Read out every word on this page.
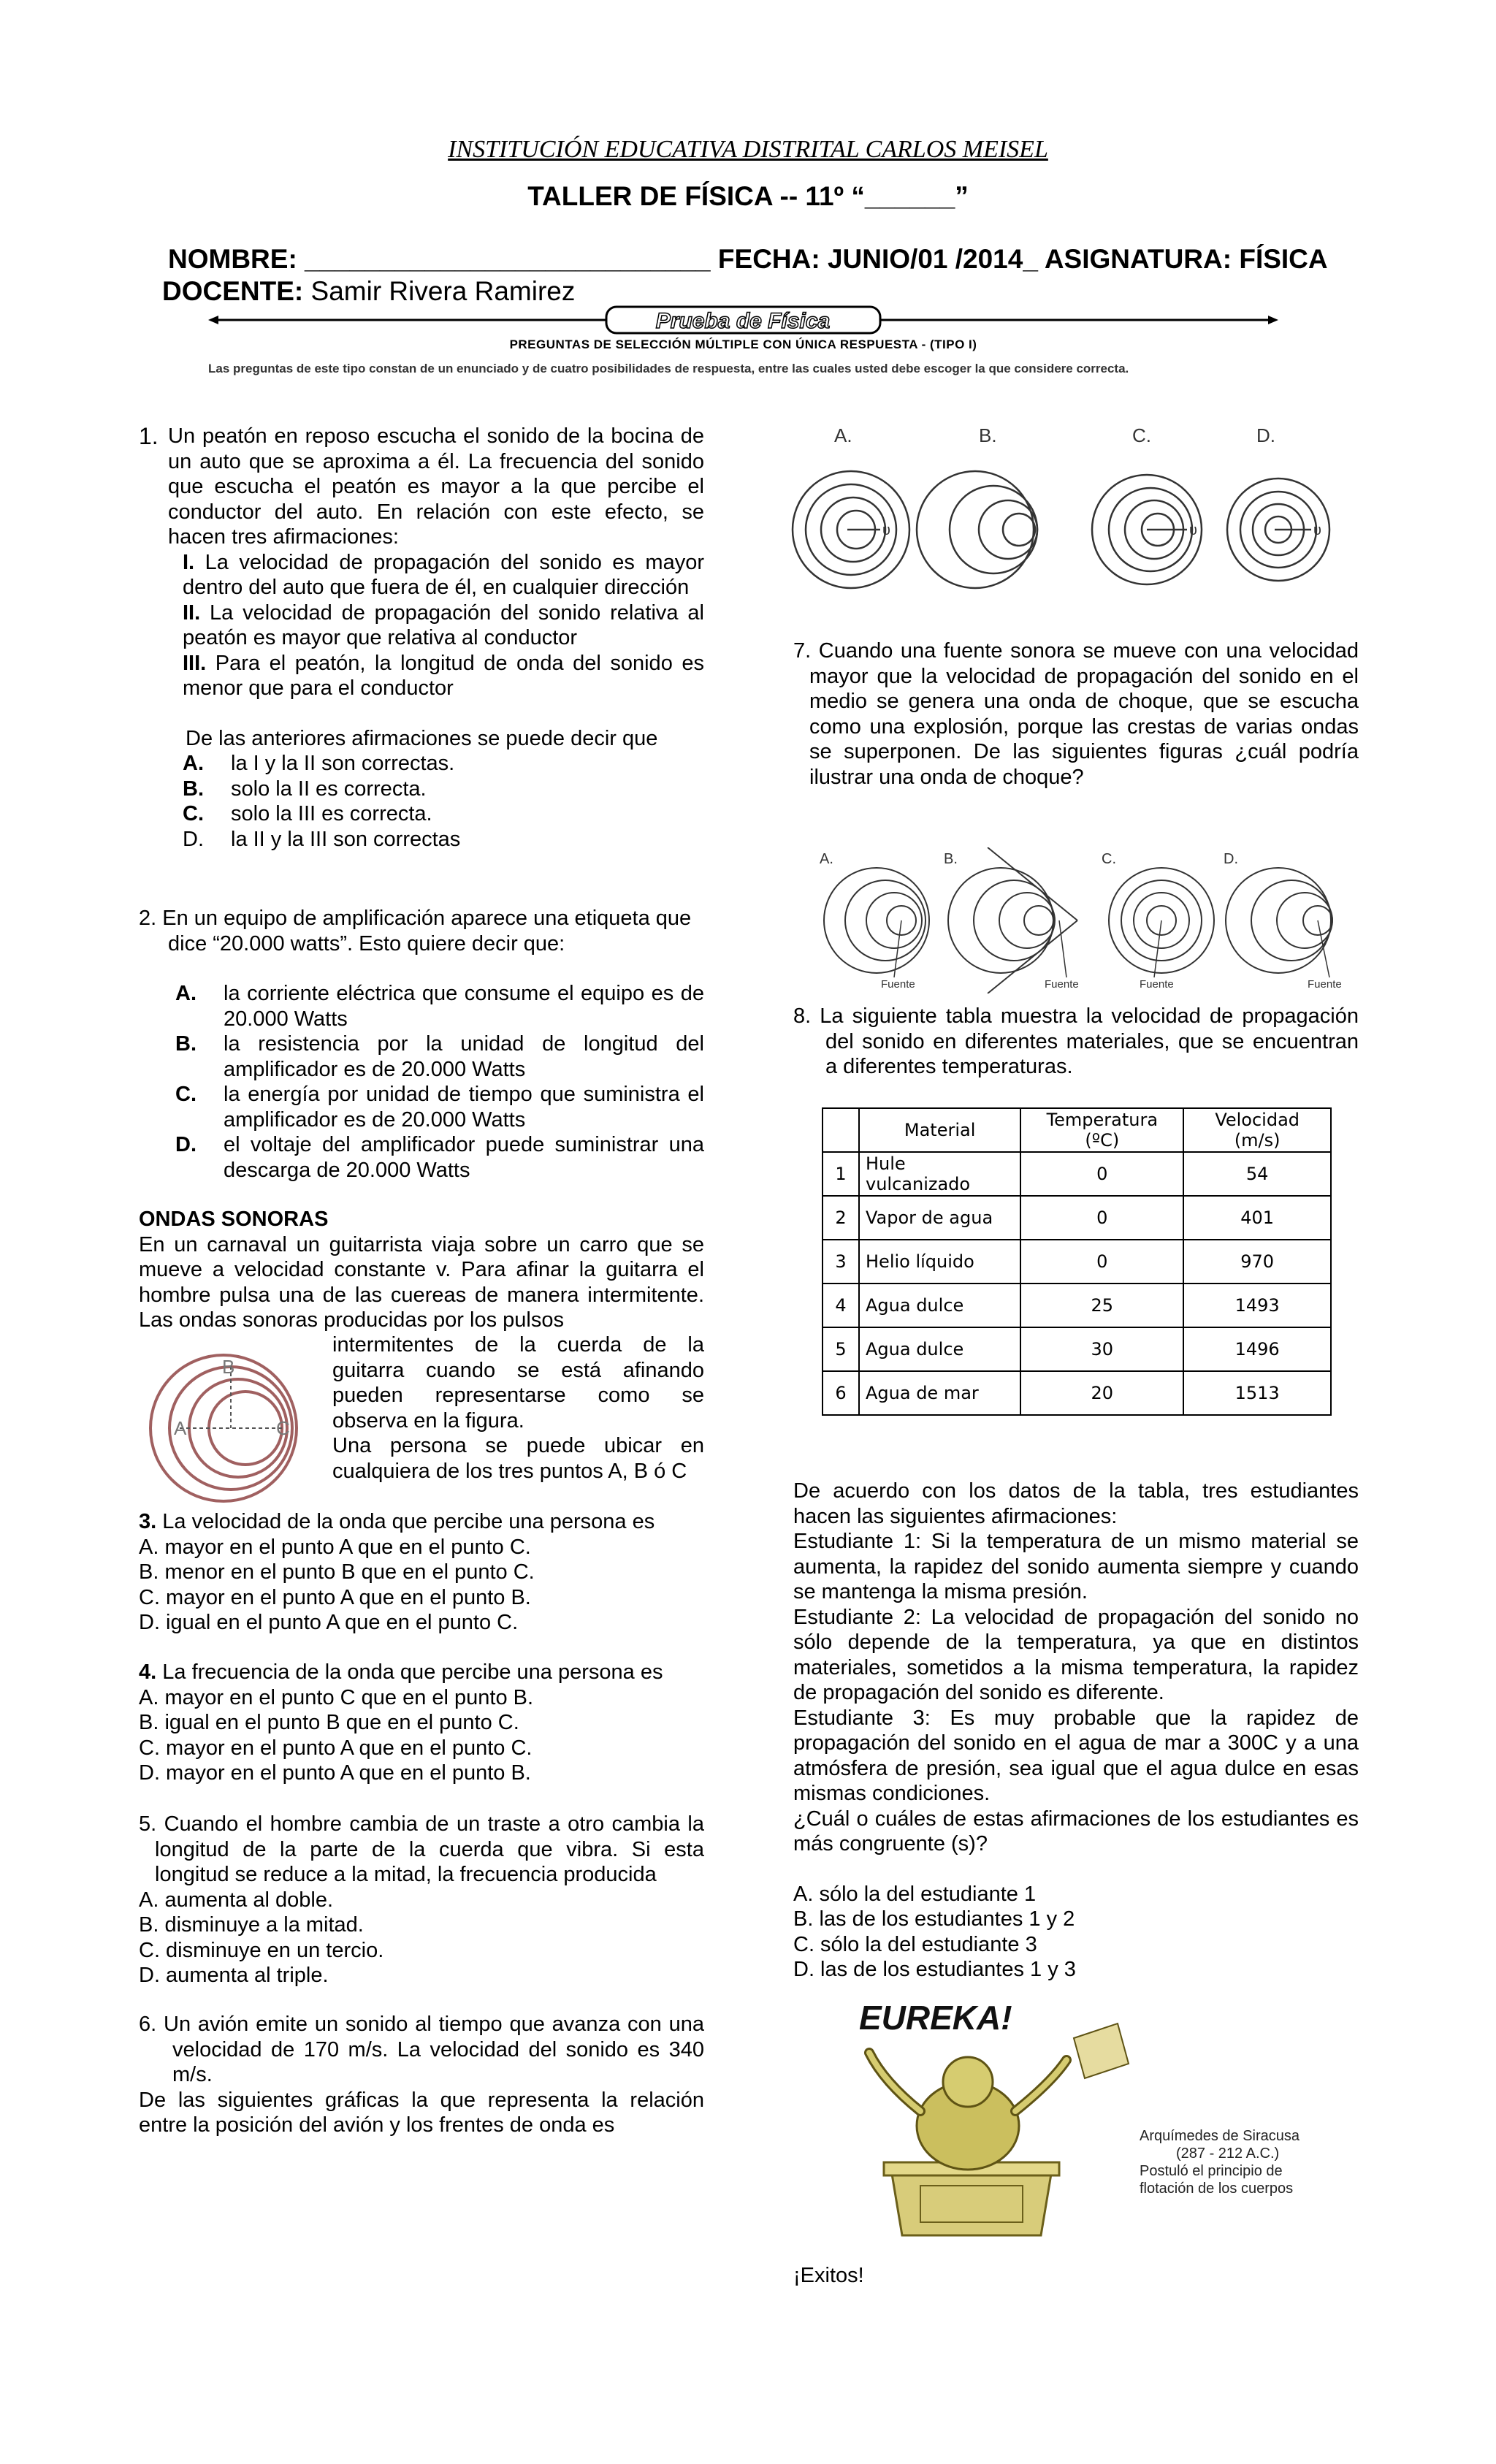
INSTITUCIÓN EDUCATIVA DISTRITAL CARLOS MEISEL
TALLER DE FÍSICA -- 11º “______”
NOMBRE: ___________________________ FECHA: JUNIO/01 /2014_ ASIGNATURA: FÍSICA
DOCENTE: Samir Rivera Ramirez
Prueba de Física
PREGUNTAS DE SELECCIÓN MÚLTIPLE CON ÚNICA RESPUESTA - (TIPO I)
Las preguntas de este tipo constan de un enunciado y de cuatro posibilidades de respuesta, entre las cuales usted debe escoger la que considere correcta.
1. Un peatón en reposo escucha el sonido de la bocina de un auto que se aproxima a él. La frecuencia del sonido que escucha el peatón es mayor a la que percibe el conductor del auto. En relación con este efecto, se hacen tres afirmaciones:
I. La velocidad de propagación del sonido es mayor dentro del auto que fuera de él, en cualquier dirección
II. La velocidad de propagación del sonido relativa al peatón es mayor que relativa al conductor
III. Para el peatón, la longitud de onda del sonido es menor que para el conductor
De las anteriores afirmaciones se puede decir que
A.	la I y la II son correctas.
B.	solo la II es correcta.
C.	solo la III es correcta.
D.	la II y la III son correctas
2. En un equipo de amplificación aparece una etiqueta que dice “20.000 watts”. Esto quiere decir que:
A.	la corriente eléctrica que consume el equipo es de 20.000 Watts
B.	la resistencia por la unidad de longitud del amplificador es de 20.000 Watts
C.	la energía por unidad de tiempo que suministra el amplificador es de 20.000 Watts
D.	el voltaje del amplificador puede suministrar una descarga de 20.000 Watts
ONDAS SONORAS
En un carnaval un guitarrista viaja sobre un carro que se mueve a velocidad constante v. Para afinar la guitarra el hombre pulsa una de las cuereas de manera intermitente. Las ondas sonoras producidas por los pulsos
B
A	C
intermitentes de la cuerda de la guitarra cuando se está afinando pueden representarse como se observa en la figura.
Una persona se puede ubicar en cualquiera de los tres puntos A, B ó C
3. La velocidad de la onda que percibe una persona es
A. mayor en el punto A que en el punto C.
B. menor en el punto B que en el punto C.
C. mayor en el punto A que en el punto B.
D. igual en el punto A que en el punto C.
4. La frecuencia de la onda que percibe una persona es
A. mayor en el punto C que en el punto B.
B. igual en el punto B que en el punto C.
C. mayor en el punto A que en el punto C.
D. mayor en el punto A que en el punto B.
5. Cuando el hombre cambia de un traste a otro cambia la longitud de la parte de la cuerda que vibra. Si esta longitud se reduce a la mitad, la frecuencia producida
A. aumenta al doble.
B. disminuye a la mitad.
C. disminuye en un tercio.
D. aumenta al triple.
6. Un avión emite un sonido al tiempo que avanza con una velocidad de 170 m/s. La velocidad del sonido es 340 m/s.
De las siguientes gráficas la que representa la relación entre la posición del avión y los frentes de onda es
A.	B.	C.	D.
υ	υ	υ
7. Cuando una fuente sonora se mueve con una velocidad mayor que la velocidad de propagación del sonido en el medio se genera una onda de choque, que se escucha como una explosión, porque las crestas de varias ondas se superponen. De las siguientes figuras ¿cuál podría ilustrar una onda de choque?
A.	B.	C.	D.
Fuente	Fuente	Fuente	Fuente
8. La siguiente tabla muestra la velocidad de propagación del sonido en diferentes materiales, que se encuentran a diferentes temperaturas.
	Material	Temperatura (ºC)	Velocidad (m/s)
1	Hule vulcanizado	0	54
2	Vapor de agua	0	401
3	Helio líquido	0	970
4	Agua dulce	25	1493
5	Agua dulce	30	1496
6	Agua de mar	20	1513
De acuerdo con los datos de la tabla, tres estudiantes hacen las siguientes afirmaciones:
Estudiante 1: Si la temperatura de un mismo material se aumenta, la rapidez del sonido aumenta siempre y cuando se mantenga la misma presión.
Estudiante 2: La velocidad de propagación del sonido no sólo depende de la temperatura, ya que en distintos materiales, sometidos a la misma temperatura, la rapidez de propagación del sonido es diferente.
Estudiante 3: Es muy probable que la rapidez de propagación del sonido en el agua de mar a 300C y a una atmósfera de presión, sea igual que el agua dulce en esas mismas condiciones.
¿Cuál o cuáles de estas afirmaciones de los estudiantes es más congruente (s)?
A. sólo la del estudiante 1
B. las de los estudiantes 1 y 2
C. sólo la del estudiante 3
D. las de los estudiantes 1 y 3
EUREKA!
Arquímedes de Siracusa
(287 - 212 A.C.)
Postuló el principio de
flotación de los cuerpos
¡Exitos!
